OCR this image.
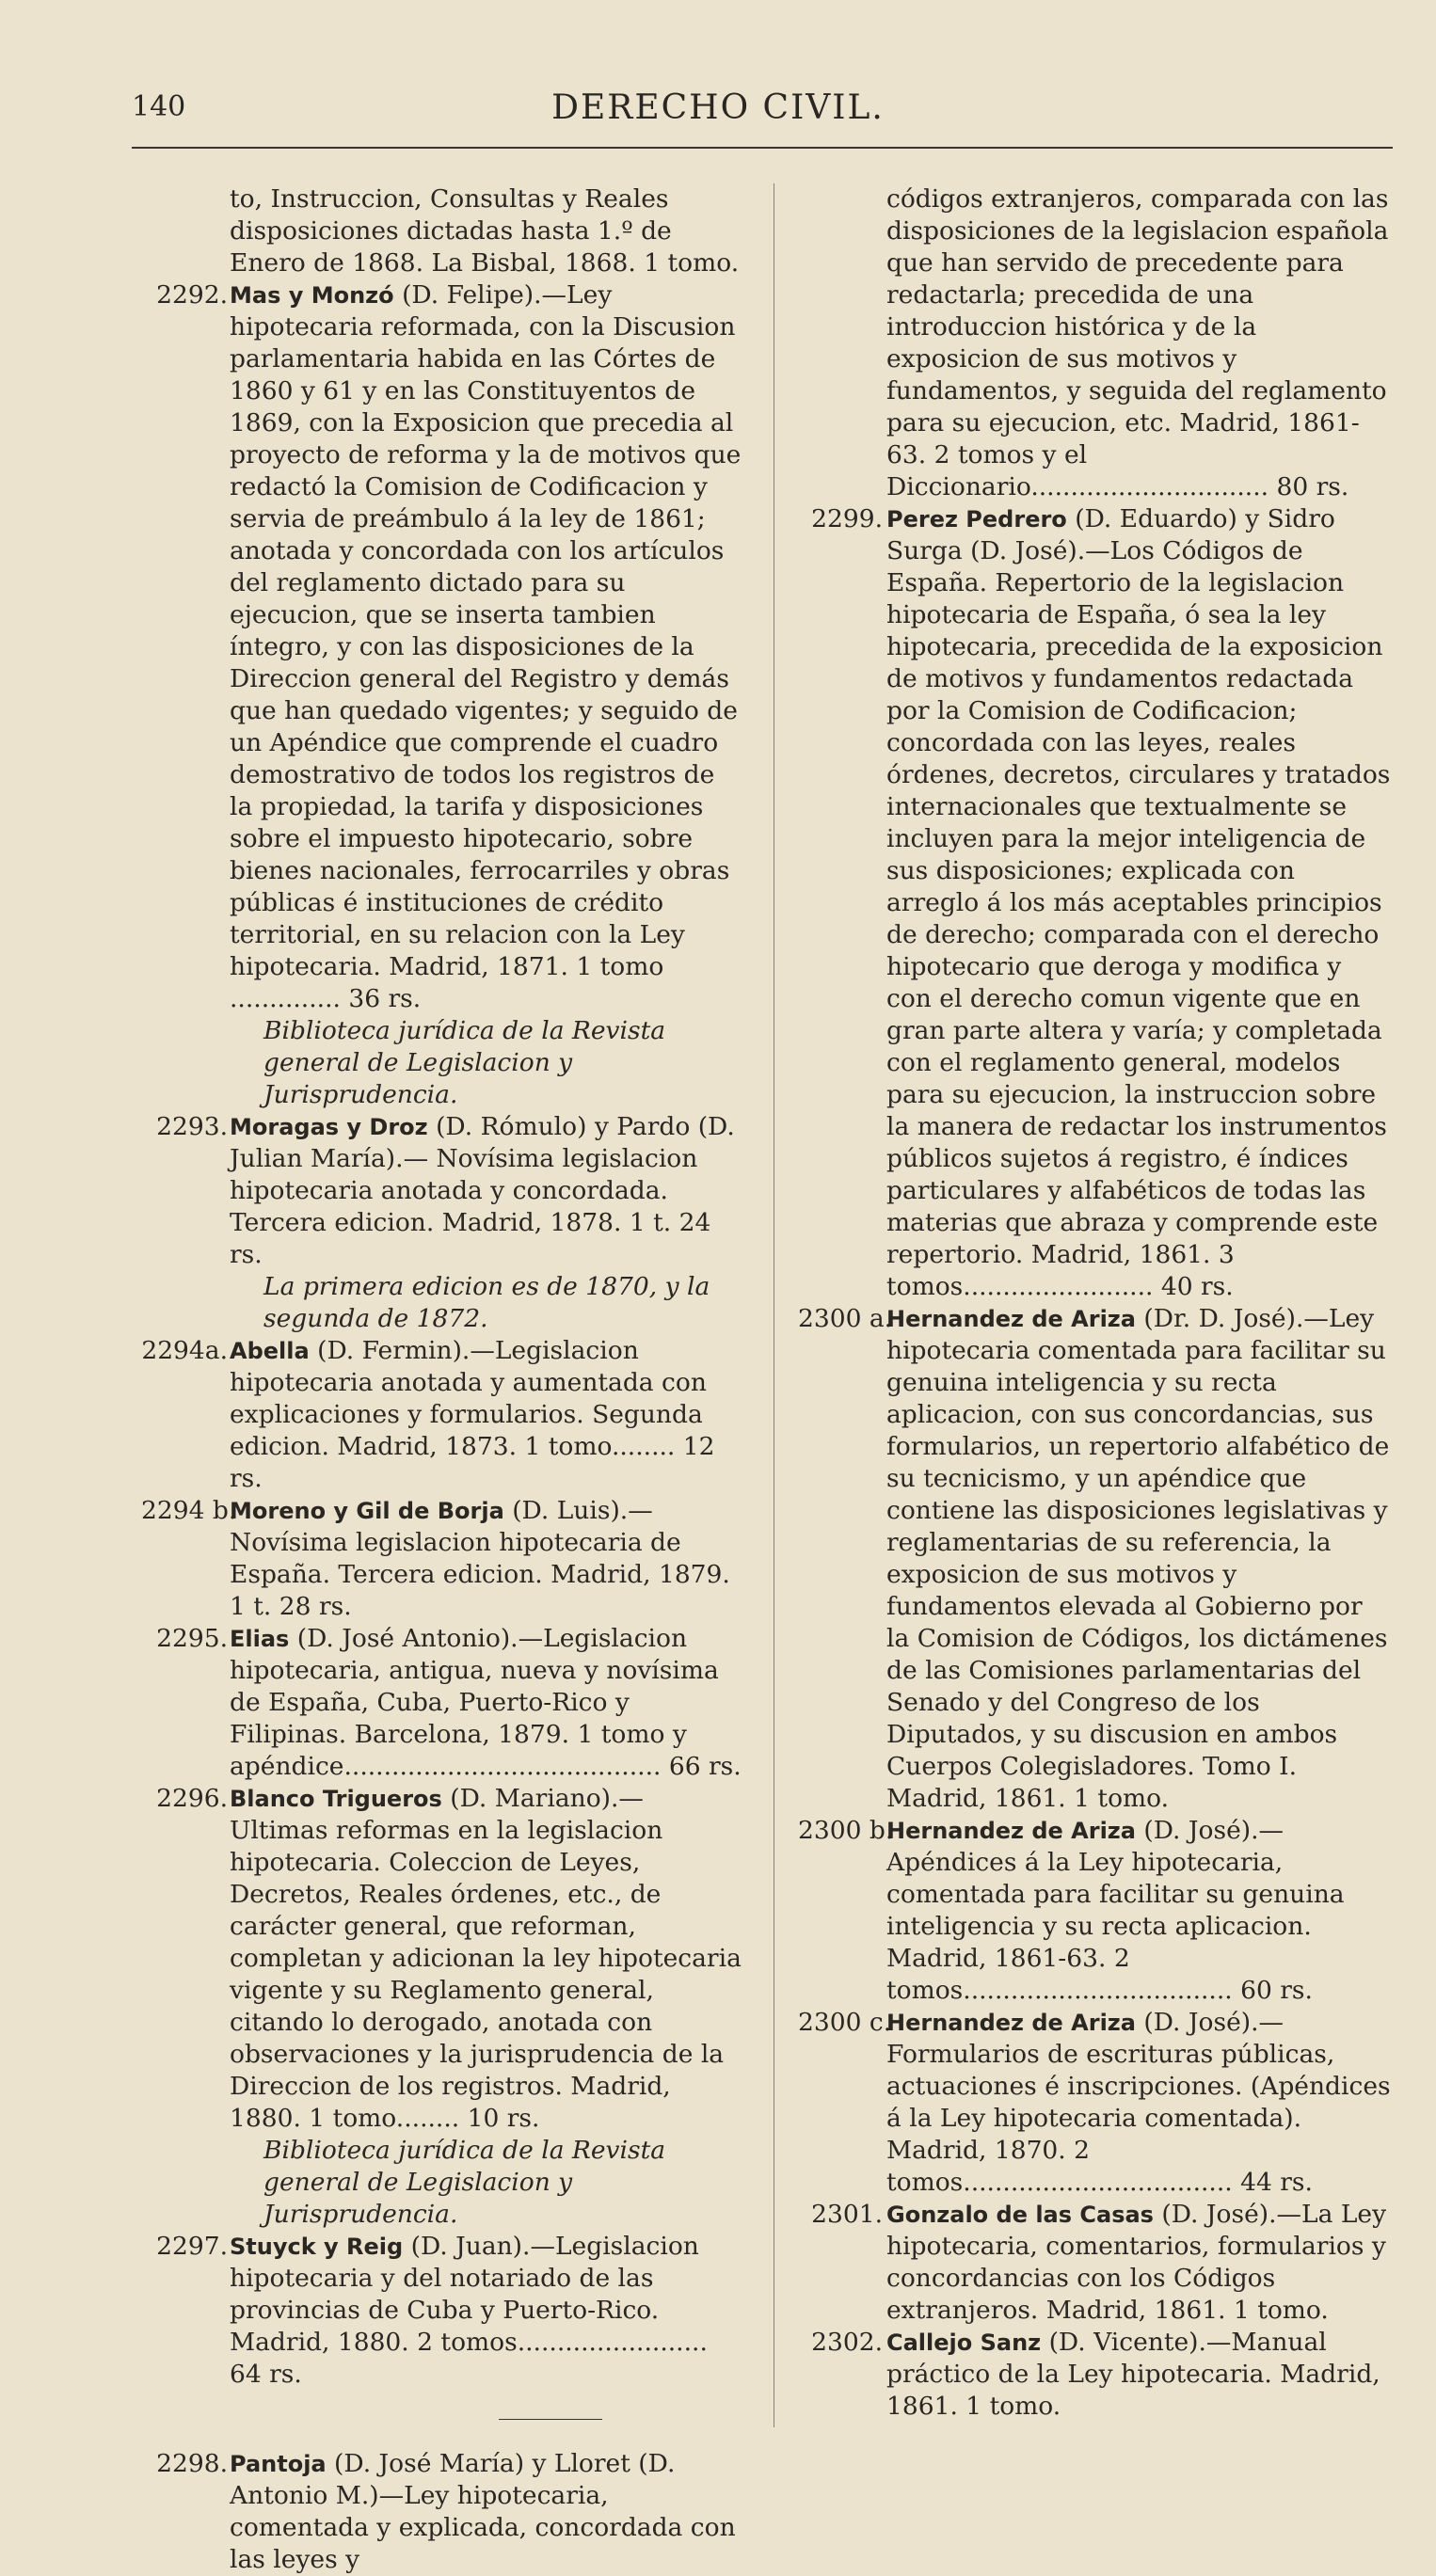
140	DERECHO CIVIL.

to, Instruccion, Consultas y Reales disposiciones dictadas hasta 1.º de Enero de 1868. La Bisbal, 1868. 1 tomo.

2292. Mas y Monzó (D. Felipe).—Ley hipotecaria reformada, con la Discusion parlamentaria habida en las Córtes de 1860 y 61 y en las Constituyentos de 1869, con la Exposicion que precedia al proyecto de reforma y la de motivos que redactó la Comision de Codificacion y servia de preámbulo á la ley de 1861; anotada y concordada con los artículos del reglamento dictado para su ejecucion, que se inserta tambien íntegro, y con las disposiciones de la Direccion general del Registro y demás que han quedado vigentes; y seguido de un Apéndice que comprende el cuadro demostrativo de todos los registros de la propiedad, la tarifa y disposiciones sobre el impuesto hipotecario, sobre bienes nacionales, ferrocarriles y obras públicas é instituciones de crédito territorial, en su relacion con la Ley hipotecaria. Madrid, 1871. 1 tomo .............. 36 rs.

Biblioteca jurídica de la Revista general de Legislacion y Jurisprudencia.

2293. Moragas y Droz (D. Rómulo) y Pardo (D. Julian María).— Novísima legislacion hipotecaria anotada y concordada. Tercera edicion. Madrid, 1878. 1 t. 24 rs.

La primera edicion es de 1870, y la segunda de 1872.

2294a. Abella (D. Fermin).—Legislacion hipotecaria anotada y aumentada con explicaciones y formularios. Segunda edicion. Madrid, 1873. 1 tomo........ 12 rs.

2294 b.
Moreno y Gil de Borja (D. Luis).—Novísima legislacion hipotecaria de España. Tercera edicion. Madrid, 1879. 1 t. 28 rs.

2295. Elias (D. José Antonio).—Legislacion hipotecaria, antigua, nueva y novísima de España, Cuba, Puerto-Rico y Filipinas. Barcelona, 1879. 1 tomo y apéndice........................................ 66 rs.

2296. Blanco Trigueros (D. Mariano).— Ultimas reformas en la legislacion hipotecaria. Coleccion de Leyes, Decretos, Reales órdenes, etc., de carácter general, que reforman, completan y adicionan la ley hipotecaria vigente y su Reglamento general, citando lo derogado, anotada con observaciones y la jurisprudencia de la Direccion de los registros. Madrid, 1880. 1 tomo........ 10 rs.

Biblioteca jurídica de la Revista general de Legislacion y Jurisprudencia.

2297. Stuyck y Reig (D. Juan).—Legislacion hipotecaria y del notariado de las provincias de Cuba y Puerto-Rico. Madrid, 1880. 2 tomos........................ 64 rs.

2298. Pantoja (D. José María) y Lloret (D. Antonio M.)—Ley hipotecaria, comentada y explicada, concordada con las leyes y

códigos extranjeros, comparada con las disposiciones de la legislacion española que han servido de precedente para redactarla; precedida de una introduccion histórica y de la exposicion de sus motivos y fundamentos, y seguida del reglamento para su ejecucion, etc. Madrid, 1861-63. 2 tomos y el Diccionario.............................. 80 rs.

2299. Perez Pedrero (D. Eduardo) y Sidro Surga (D. José).—Los Códigos de España. Repertorio de la legislacion hipotecaria de España, ó sea la ley hipotecaria, precedida de la exposicion de motivos y fundamentos redactada por la Comision de Codificacion; concordada con las leyes, reales órdenes, decretos, circulares y tratados internacionales que textualmente se incluyen para la mejor inteligencia de sus disposiciones; explicada con arreglo á los más aceptables principios de derecho; comparada con el derecho hipotecario que deroga y modifica y con el derecho comun vigente que en gran parte altera y varía; y completada con el reglamento general, modelos para su ejecucion, la instruccion sobre la manera de redactar los instrumentos públicos sujetos á registro, é índices particulares y alfabéticos de todas las materias que abraza y comprende este repertorio. Madrid, 1861. 3 tomos........................ 40 rs.

2300 a.
Hernandez de Ariza (Dr. D. José).—Ley hipotecaria comentada para facilitar su genuina inteligencia y su recta aplicacion, con sus concordancias, sus formularios, un repertorio alfabético de su tecnicismo, y un apéndice que contiene las disposiciones legislativas y reglamentarias de su referencia, la exposicion de sus motivos y fundamentos elevada al Gobierno por la Comision de Códigos, los dictámenes de las Comisiones parlamentarias del Senado y del Congreso de los Diputados, y su discusion en ambos Cuerpos Colegisladores. Tomo I. Madrid, 1861. 1 tomo.

2300 b.
Hernandez de Ariza (D. José).—Apéndices á la Ley hipotecaria, comentada para facilitar su genuina inteligencia y su recta aplicacion. Madrid, 1861-63. 2 tomos.................................. 60 rs.

2300 c.
Hernandez de Ariza (D. José).—Formularios de escrituras públicas, actuaciones é inscripciones. (Apéndices á la Ley hipotecaria comentada). Madrid, 1870. 2 tomos.................................. 44 rs.

2301. Gonzalo de las Casas (D. José).—La Ley hipotecaria, comentarios, formularios y concordancias con los Códigos extranjeros. Madrid, 1861. 1 tomo.

2302. Callejo Sanz (D. Vicente).—Manual práctico de la Ley hipotecaria. Madrid, 1861. 1 tomo.
